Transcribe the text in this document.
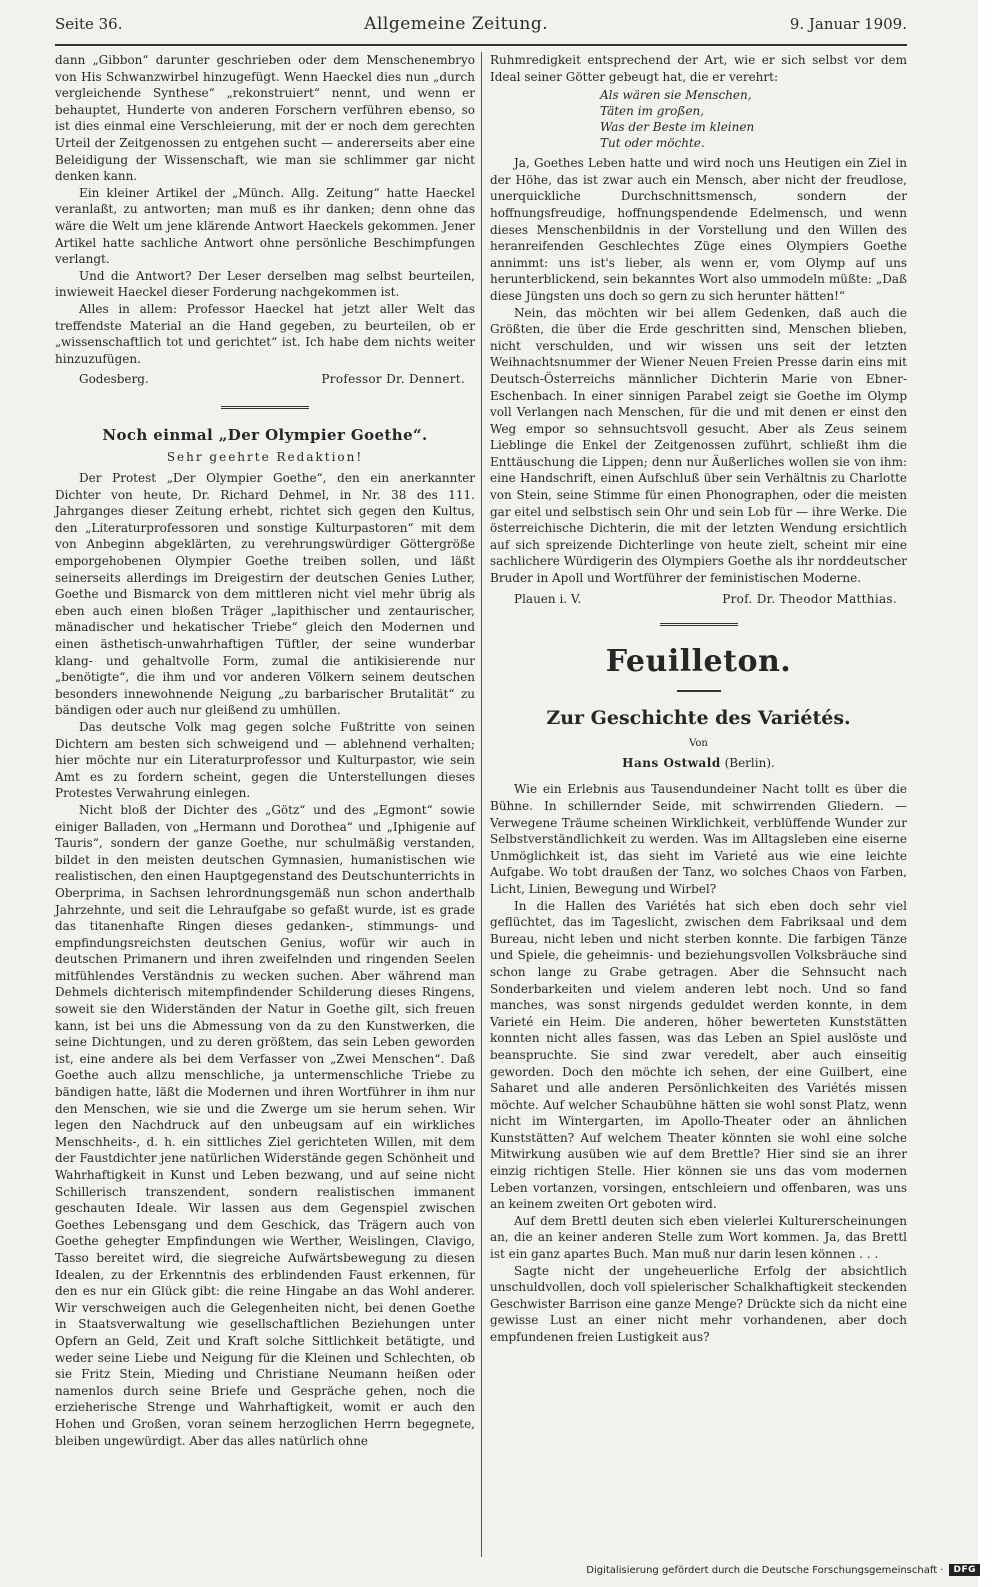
Seite 36.	Allgemeine Zeitung.	9. Januar 1909.

dann „Gibbon“ darunter geschrieben oder dem Menschenembryo von His Schwanzwirbel hinzugefügt. Wenn Haeckel dies nun „durch vergleichende Synthese“ „rekonstruiert“ nennt, und wenn er behauptet, Hunderte von anderen Forschern verführen ebenso, so ist dies einmal eine Verschleierung, mit der er noch dem gerechten Urteil der Zeitgenossen zu entgehen sucht — andererseits aber eine Beleidigung der Wissenschaft, wie man sie schlimmer gar nicht denken kann.

Ein kleiner Artikel der „Münch. Allg. Zeitung“ hatte Haeckel veranlaßt, zu antworten; man muß es ihr danken; denn ohne das wäre die Welt um jene klärende Antwort Haeckels gekommen. Jener Artikel hatte sachliche Antwort ohne persönliche Beschimpfungen verlangt.

Und die Antwort? Der Leser derselben mag selbst beurteilen, inwieweit Haeckel dieser Forderung nachgekommen ist.

Alles in allem: Professor Haeckel hat jetzt aller Welt das treffendste Material an die Hand gegeben, zu beurteilen, ob er „wissenschaftlich tot und gerichtet“ ist. Ich habe dem nichts weiter hinzuzufügen.

Godesberg.	Professor Dr. Dennert.
Noch einmal „Der Olympier Goethe“.
Sehr geehrte Redaktion!

Der Protest „Der Olympier Goethe“, den ein anerkannter Dichter von heute, Dr. Richard Dehmel, in Nr. 38 des 111. Jahrganges dieser Zeitung erhebt, richtet sich gegen den Kultus, den „Literaturprofessoren und sonstige Kulturpastoren“ mit dem von Anbeginn abgeklärten, zu verehrungswürdiger Göttergröße emporgehobenen Olympier Goethe treiben sollen, und läßt seinerseits allerdings im Dreigestirn der deutschen Genies Luther, Goethe und Bismarck von dem mittleren nicht viel mehr übrig als eben auch einen bloßen Träger „lapithischer und zentaurischer, mänadischer und hekatischer Triebe“ gleich den Modernen und einen ästhetisch-unwahrhaftigen Tüftler, der seine wunderbar klang- und gehaltvolle Form, zumal die antikisierende nur „benötigte“, die ihm und vor anderen Völkern seinem deutschen besonders innewohnende Neigung „zu barbarischer Brutalität“ zu bändigen oder auch nur gleißend zu umhüllen.

Das deutsche Volk mag gegen solche Fußtritte von seinen Dichtern am besten sich schweigend und — ablehnend verhalten; hier möchte nur ein Literaturprofessor und Kulturpastor, wie sein Amt es zu fordern scheint, gegen die Unterstellungen dieses Protestes Verwahrung einlegen.

Nicht bloß der Dichter des „Götz“ und des „Egmont“ sowie einiger Balladen, von „Hermann und Dorothea“ und „Iphigenie auf Tauris“, sondern der ganze Goethe, nur schulmäßig verstanden, bildet in den meisten deutschen Gymnasien, humanistischen wie realistischen, den einen Hauptgegenstand des Deutschunterrichts in Oberprima, in Sachsen lehrordnungsgemäß nun schon anderthalb Jahrzehnte, und seit die Lehraufgabe so gefaßt wurde, ist es grade das titanenhafte Ringen dieses gedanken-, stimmungs- und empfindungsreichsten deutschen Genius, wofür wir auch in deutschen Primanern und ihren zweifelnden und ringenden Seelen mitfühlendes Verständnis zu wecken suchen. Aber während man Dehmels dichterisch mitempfindender Schilderung dieses Ringens, soweit sie den Widerständen der Natur in Goethe gilt, sich freuen kann, ist bei uns die Abmessung von da zu den Kunstwerken, die seine Dichtungen, und zu deren größtem, das sein Leben geworden ist, eine andere als bei dem Verfasser von „Zwei Menschen“. Daß Goethe auch allzu menschliche, ja untermenschliche Triebe zu bändigen hatte, läßt die Modernen und ihren Wortführer in ihm nur den Menschen, wie sie und die Zwerge um sie herum sehen. Wir legen den Nachdruck auf den unbeugsam auf ein wirkliches Menschheits-, d. h. ein sittliches Ziel gerichteten Willen, mit dem der Faustdichter jene natürlichen Widerstände gegen Schönheit und Wahrhaftigkeit in Kunst und Leben bezwang, und auf seine nicht Schillerisch transzendent, sondern realistischen immanent geschauten Ideale. Wir lassen aus dem Gegenspiel zwischen Goethes Lebensgang und dem Geschick, das Trägern auch von Goethe gehegter Empfindungen wie Werther, Weislingen, Clavigo, Tasso bereitet wird, die siegreiche Aufwärtsbewegung zu diesen Idealen, zu der Erkenntnis des erblindenden Faust erkennen, für den es nur ein Glück gibt: die reine Hingabe an das Wohl anderer. Wir verschweigen auch die Gelegenheiten nicht, bei denen Goethe in Staatsverwaltung wie gesellschaftlichen Beziehungen unter Opfern an Geld, Zeit und Kraft solche Sittlichkeit betätigte, und weder seine Liebe und Neigung für die Kleinen und Schlechten, ob sie Fritz Stein, Mieding und Christiane Neumann heißen oder namenlos durch seine Briefe und Gespräche gehen, noch die erzieherische Strenge und Wahrhaftigkeit, womit er auch den Hohen und Großen, voran seinem herzoglichen Herrn begegnete, bleiben ungewürdigt. Aber das alles natürlich ohne

Ruhmredigkeit entsprechend der Art, wie er sich selbst vor dem Ideal seiner Götter gebeugt hat, die er verehrt:

Als wären sie Menschen,
Täten im großen,
Was der Beste im kleinen
Tut oder möchte.

Ja, Goethes Leben hatte und wird noch uns Heutigen ein Ziel in der Höhe, das ist zwar auch ein Mensch, aber nicht der freudlose, unerquickliche Durchschnittsmensch, sondern der hoffnungsfreudige, hoffnungspendende Edelmensch, und wenn dieses Menschenbildnis in der Vorstellung und den Willen des heranreifenden Geschlechtes Züge eines Olympiers Goethe annimmt: uns ist's lieber, als wenn er, vom Olymp auf uns herunterblickend, sein bekanntes Wort also ummodeln müßte: „Daß diese Jüngsten uns doch so gern zu sich herunter hätten!“

Nein, das möchten wir bei allem Gedenken, daß auch die Größten, die über die Erde geschritten sind, Menschen blieben, nicht verschulden, und wir wissen uns seit der letzten Weihnachtsnummer der Wiener Neuen Freien Presse darin eins mit Deutsch-Österreichs männlicher Dichterin Marie von Ebner-Eschenbach. In einer sinnigen Parabel zeigt sie Goethe im Olymp voll Verlangen nach Menschen, für die und mit denen er einst den Weg empor so sehnsuchtsvoll gesucht. Aber als Zeus seinem Lieblinge die Enkel der Zeitgenossen zuführt, schließt ihm die Enttäuschung die Lippen; denn nur Äußerliches wollen sie von ihm: eine Handschrift, einen Aufschluß über sein Verhältnis zu Charlotte von Stein, seine Stimme für einen Phonographen, oder die meisten gar eitel und selbstisch sein Ohr und sein Lob für — ihre Werke. Die österreichische Dichterin, die mit der letzten Wendung ersichtlich auf sich spreizende Dichterlinge von heute zielt, scheint mir eine sachlichere Würdigerin des Olympiers Goethe als ihr norddeutscher Bruder in Apoll und Wortführer der feministischen Moderne.

Plauen i. V.	Prof. Dr. Theodor Matthias.
Feuilleton.
Zur Geschichte des Variétés.
Von
Hans Ostwald (Berlin).

Wie ein Erlebnis aus Tausendundeiner Nacht tollt es über die Bühne. In schillernder Seide, mit schwirrenden Gliedern. — Verwegene Träume scheinen Wirklichkeit, verblüffende Wunder zur Selbstverständlichkeit zu werden. Was im Alltagsleben eine eiserne Unmöglichkeit ist, das sieht im Varieté aus wie eine leichte Aufgabe. Wo tobt draußen der Tanz, wo solches Chaos von Farben, Licht, Linien, Bewegung und Wirbel?

In die Hallen des Variétés hat sich eben doch sehr viel geflüchtet, das im Tageslicht, zwischen dem Fabriksaal und dem Bureau, nicht leben und nicht sterben konnte. Die farbigen Tänze und Spiele, die geheimnis- und beziehungsvollen Volksbräuche sind schon lange zu Grabe getragen. Aber die Sehnsucht nach Sonderbarkeiten und vielem anderen lebt noch. Und so fand manches, was sonst nirgends geduldet werden konnte, in dem Varieté ein Heim. Die anderen, höher bewerteten Kunststätten konnten nicht alles fassen, was das Leben an Spiel auslöste und beanspruchte. Sie sind zwar veredelt, aber auch einseitig geworden. Doch den möchte ich sehen, der eine Guilbert, eine Saharet und alle anderen Persönlichkeiten des Variétés missen möchte. Auf welcher Schaubühne hätten sie wohl sonst Platz, wenn nicht im Wintergarten, im Apollo-Theater oder an ähnlichen Kunststätten? Auf welchem Theater könnten sie wohl eine solche Mitwirkung ausüben wie auf dem Brettle? Hier sind sie an ihrer einzig richtigen Stelle. Hier können sie uns das vom modernen Leben vortanzen, vorsingen, entschleiern und offenbaren, was uns an keinem zweiten Ort geboten wird.

Auf dem Brettl deuten sich eben vielerlei Kulturerscheinungen an, die an keiner anderen Stelle zum Wort kommen. Ja, das Brettl ist ein ganz apartes Buch. Man muß nur darin lesen können . . .

Sagte nicht der ungeheuerliche Erfolg der absichtlich unschuldvollen, doch voll spielerischer Schalkhaftigkeit steckenden Geschwister Barrison eine ganze Menge? Drückte sich da nicht eine gewisse Lust an einer nicht mehr vorhandenen, aber doch empfundenen freien Lustigkeit aus?

Digitalisierung gefördert durch die Deutsche Forschungsgemeinschaft ·	DFG
